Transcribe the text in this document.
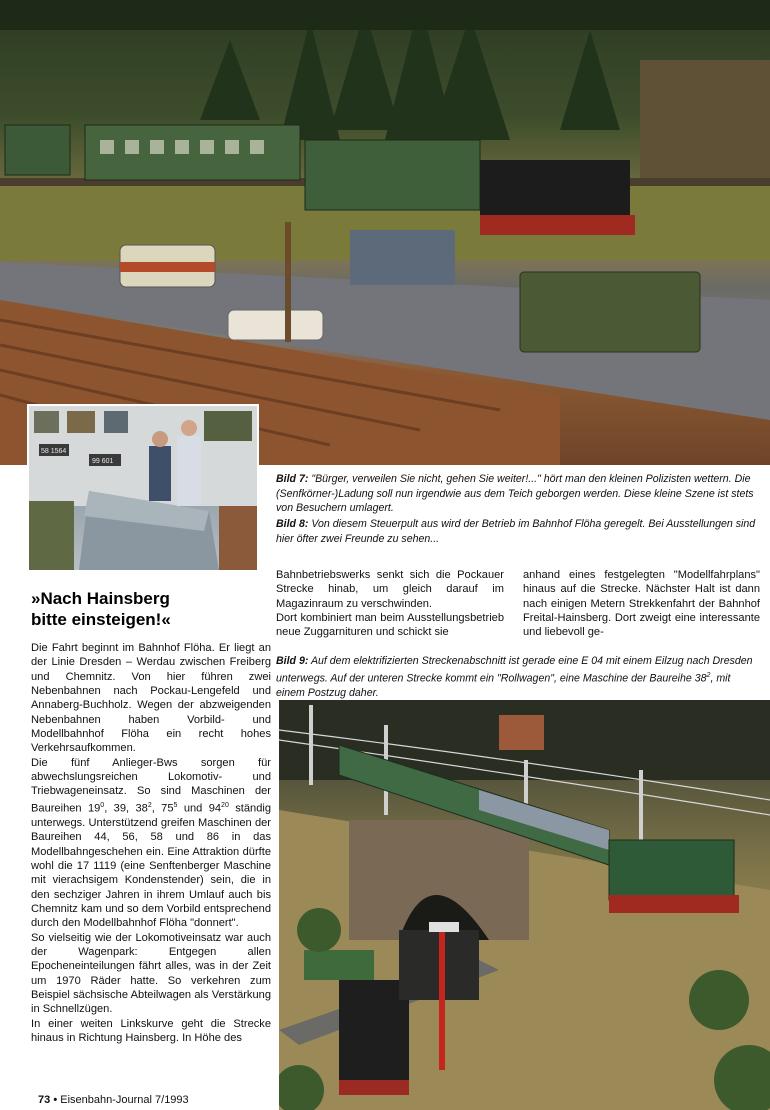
58 1564
99 601
Bild 7: "Bürger, verweilen Sie nicht, gehen Sie weiter!..." hört man den kleinen Polizisten wettern. Die (Senfkörner-)Ladung soll nun irgendwie aus dem Teich geborgen werden. Diese kleine Szene ist stets von Besuchern umlagert.
Bild 8: Von diesem Steuerpult aus wird der Betrieb im Bahnhof Flöha geregelt. Bei Ausstellungen sind hier öfter zwei Freunde zu sehen...
Bild 9: Auf dem elektrifizierten Streckenabschnitt ist gerade eine E 04 mit einem Eilzug nach Dresden unterwegs. Auf der unteren Strecke kommt ein "Rollwagen", eine Maschine der Baureihe $38^2$, mit einem Postzug daher.
»Nach Hainsberg
bitte einsteigen!«

Die Fahrt beginnt im Bahnhof Flöha. Er liegt an der Linie Dresden – Werdau zwischen Freiberg und Chemnitz. Von hier führen zwei Nebenbahnen nach Pockau-Lengefeld und Annaberg-Buchholz. Wegen der abzweigenden Nebenbahnen haben Vorbild- und Modellbahnhof Flöha ein recht hohes Verkehrsaufkommen.

Die fünf Anlieger-Bws sorgen für abwechslungsreichen Lokomotiv- und Triebwageneinsatz. So sind Maschinen der Baureihen $19^0$, 39, $38^2$, $75^5$ und $94^{20}$ ständig unterwegs. Unterstützend greifen Maschinen der Baureihen 44, 56, 58 und 86 in das Modellbahngeschehen ein. Eine Attraktion dürfte wohl die 17 1119 (eine Senftenberger Maschine mit vierachsigem Kondenstender) sein, die in den sechziger Jahren in ihrem Umlauf auch bis Chemnitz kam und so dem Vorbild entsprechend durch den Modellbahnhof Flöha "donnert".

So vielseitig wie der Lokomotiveinsatz war auch der Wagenpark: Entgegen allen Epocheneinteilungen fährt alles, was in der Zeit um 1970 Räder hatte. So verkehren zum Beispiel sächsische Abteilwagen als Verstärkung in Schnellzügen.

In einer weiten Linkskurve geht die Strecke hinaus in Richtung Hainsberg. In Höhe des

Bahnbetriebswerks senkt sich die Pockauer Strecke hinab, um gleich darauf im Magazinraum zu verschwinden.

Dort kombiniert man beim Ausstellungsbetrieb neue Zuggarnituren und schickt sie

anhand eines festgelegten "Modellfahrplans" hinaus auf die Strecke. Nächster Halt ist dann nach einigen Metern Strekkenfahrt der Bahnhof Freital-Hainsberg. Dort zweigt eine interessante und liebevoll ge-

73 • Eisenbahn-Journal 7/1993
